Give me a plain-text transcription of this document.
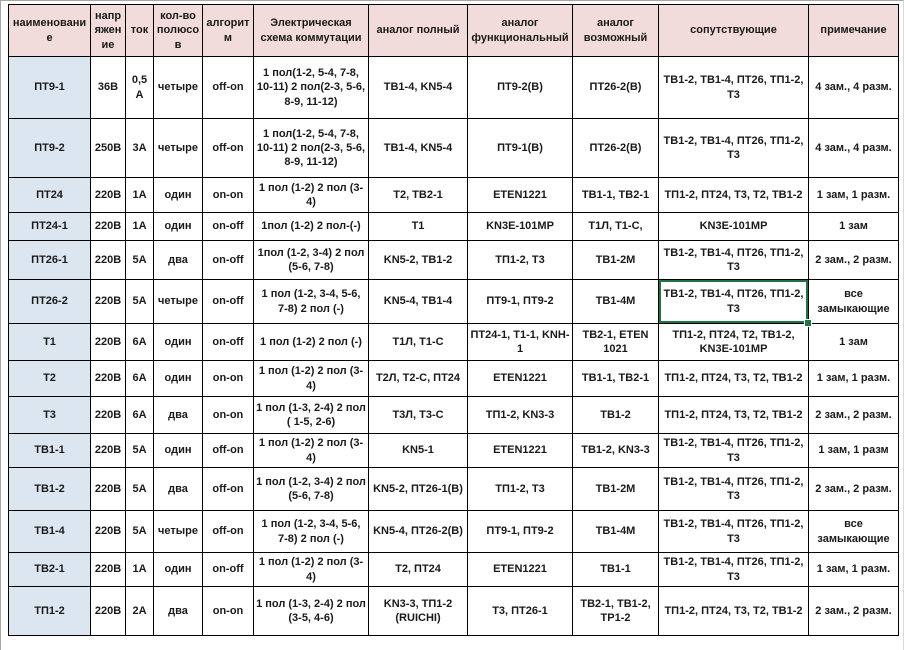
наименование	напряжение	ток	кол-во полюсов	алгоритм	Электрическая схема коммутации	аналог полный	аналог функциональный	аналог возможный	сопутствующие	примечание
ПТ9-1	36В	0,5 А	четыре	off-on	1 пол(1-2, 5-4, 7-8, 10-11) 2 пол(2-3, 5-6, 8-9, 11-12)	ТВ1-4, KN5-4	ПТ9-2(В)	ПТ26-2(В)	ТВ1-2, ТВ1-4, ПТ26, ТП1-2, Т3	4 зам., 4 разм.
ПТ9-2	250В	3А	четыре	off-on	1 пол(1-2, 5-4, 7-8, 10-11) 2 пол(2-3, 5-6, 8-9, 11-12)	ТВ1-4, KN5-4	ПТ9-1(В)	ПТ26-2(В)	ТВ1-2, ТВ1-4, ПТ26, ТП1-2, Т3	4 зам., 4 разм.
ПТ24	220В	1А	один	on-on	1 пол (1-2) 2 пол (3-4)	Т2, ТВ2-1	ETEN1221	ТВ1-1, ТВ2-1	ТП1-2, ПТ24, Т3, Т2, ТВ1-2	1 зам, 1 разм.
ПТ24-1	220В	1А	один	on-off	1пол (1-2) 2 пол-(-)	Т1	KN3E-101MP	Т1Л, Т1-С,	KN3E-101MP	1 зам
ПТ26-1	220В	5А	два	on-off	1пол (1-2, 3-4) 2 пол (5-6, 7-8)	KN5-2, ТВ1-2	ТП1-2, Т3	ТВ1-2М	ТВ1-2, ТВ1-4, ПТ26, ТП1-2, Т3	2 зам., 2 разм.
ПТ26-2	220В	5А	четыре	on-off	1 пол (1-2, 3-4, 5-6, 7-8) 2 пол (-)	KN5-4, ТВ1-4	ПТ9-1, ПТ9-2	ТВ1-4М	ТВ1-2, ТВ1-4, ПТ26, ТП1-2, Т3	все замыкающие
Т1	220В	6А	один	on-off	1 пол (1-2) 2 пол (-)	Т1Л, Т1-С	ПТ24-1, Т1-1, KNH-1	ТВ2-1, ETEN 1021	ТП1-2, ПТ24, Т2, ТВ1-2, KN3E-101МР	1 зам
Т2	220В	6А	один	on-on	1 пол (1-2) 2 пол (3-4)	Т2Л, Т2-С, ПТ24	ETEN1221	ТВ1-1, ТВ2-1	ТП1-2, ПТ24, Т3, Т2, ТВ1-2	1 зам, 1 разм.
Т3	220В	6А	два	on-on	1 пол (1-3, 2-4) 2 пол ( 1-5, 2-6)	Т3Л, Т3-С	ТП1-2, KN3-3	ТВ1-2	ТП1-2, ПТ24, Т3, Т2, ТВ1-2	2 зам., 2 разм.
ТВ1-1	220В	5А	один	off-on	1 пол (1-2) 2 пол (3-4)	KN5-1	ETEN1221	ТВ1-2, KN3-3	ТВ1-2, ТВ1-4, ПТ26, ТП1-2, Т3	1 зам, 1 разм
ТВ1-2	220В	5А	два	off-on	1 пол (1-2, 3-4) 2 пол (5-6, 7-8)	KN5-2, ПТ26-1(В)	ТП1-2, Т3	ТВ1-2М	ТВ1-2, ТВ1-4, ПТ26, ТП1-2, Т3	2 зам., 2 разм.
ТВ1-4	220В	5А	четыре	off-on	1 пол (1-2, 3-4, 5-6, 7-8) 2 пол (-)	KN5-4, ПТ26-2(В)	ПТ9-1, ПТ9-2	ТВ1-4М	ТВ1-2, ТВ1-4, ПТ26, ТП1-2, Т3	все замыкающие
ТВ2-1	220В	1А	один	on-off	1 пол (1-2) 2 пол (3-4)	Т2, ПТ24	ETEN1221	ТВ1-1	ТВ1-2, ТВ1-4, ПТ26, ТП1-2, Т3	1 зам, 1 разм.
ТП1-2	220В	2А	два	on-on	1 пол (1-3, 2-4) 2 пол (3-5, 4-6)	KN3-3, ТП1-2 (RUICHI)	Т3, ПТ26-1	ТВ2-1, ТВ1-2, ТР1-2	ТП1-2, ПТ24, Т3, Т2, ТВ1-2	2 зам., 2 разм.
